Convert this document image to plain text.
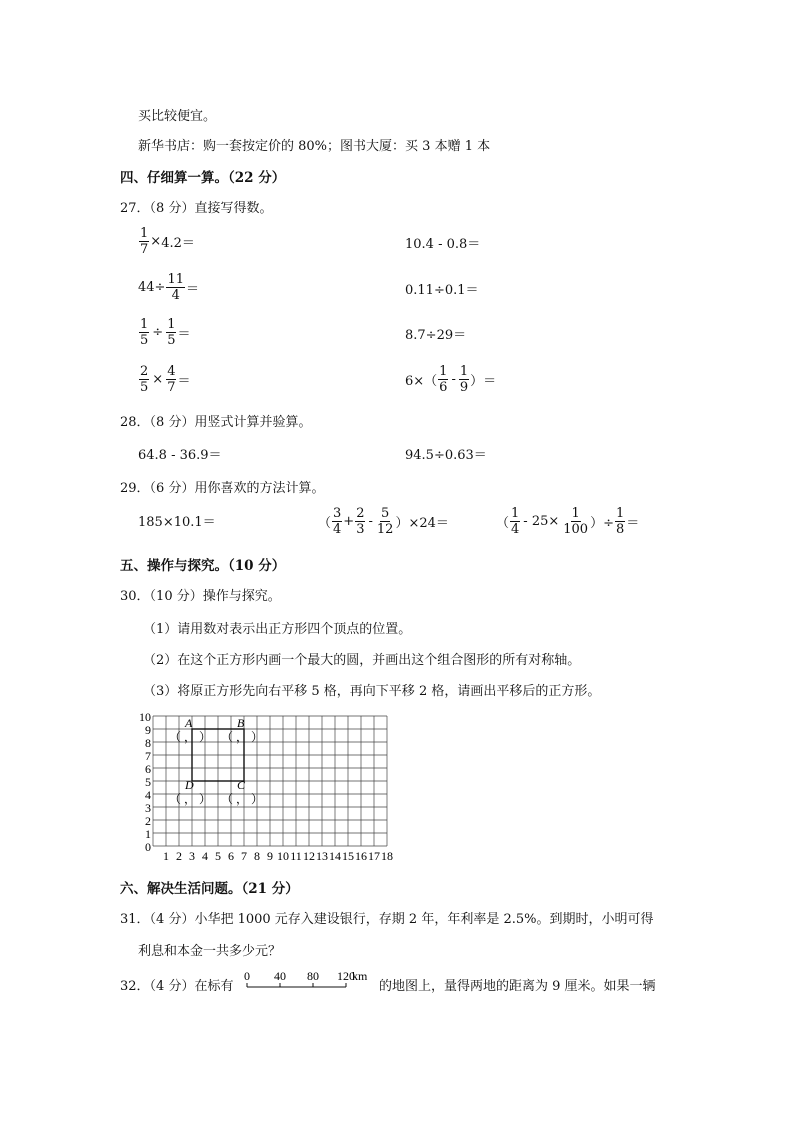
买比较便宜。
新华书店：购一套按定价的 80%；图书大厦：买 3 本赠 1 本
四、仔细算一算。（22 分）
27．（8 分）直接写得数。
$\frac{1}{7} \times 4.2=$	10.4 ‑ 0.8＝
$44\div \frac{11}{4}$ ＝	0.11÷0.1＝
$\frac{1}{5} \div \frac{1}{5}$ ＝	8.7÷29＝
$\frac{2}{5} \times \frac{4}{7}$ ＝	$6\times( \frac{1}{6}$ ‑ $\frac{1}{9}$ ）＝
28．（8 分）用竖式计算并验算。
64.8 ‑ 36.9＝	94.5÷0.63＝
29．（6 分）用你喜欢的方法计算。
185×10.1＝	（ $\frac{3}{4} + \frac{2}{3}$ ‑ $\frac{5}{12} )\times 24=$	（ $\frac{1}{4}$ ‑ $25\times \frac{1}{100}$ ）÷ $\frac{1}{8}$ ＝
五、操作与探究。（10 分）
30．（10 分）操作与探究。
（1）请用数对表示出正方形四个顶点的位置。
（2）在这个正方形内画一个最大的圆，并画出这个组合图形的所有对称轴。
（3）将原正方形先向右平移 5 格，再向下平移 2 格，请画出平移后的正方形。
1 2 3 4 5 6 7 8 9 10 11 12 13 14 15 16 17 18
0
1
2
3
4
5
6
7
8
9
10	A
（ ， ）
B
（ ， ）
C
（ ， ）
D
（ ， ）
六、解决生活问题。（21 分）
31．（4 分）小华把 1000 元存入建设银行，存期 2 年，年利率是 2.5%。到期时，小明可得
利息和本金一共多少元？
32．（4 分）在标有
0 40 80 120
km
的地图上，量得两地的距离为 9 厘米。如果一辆
